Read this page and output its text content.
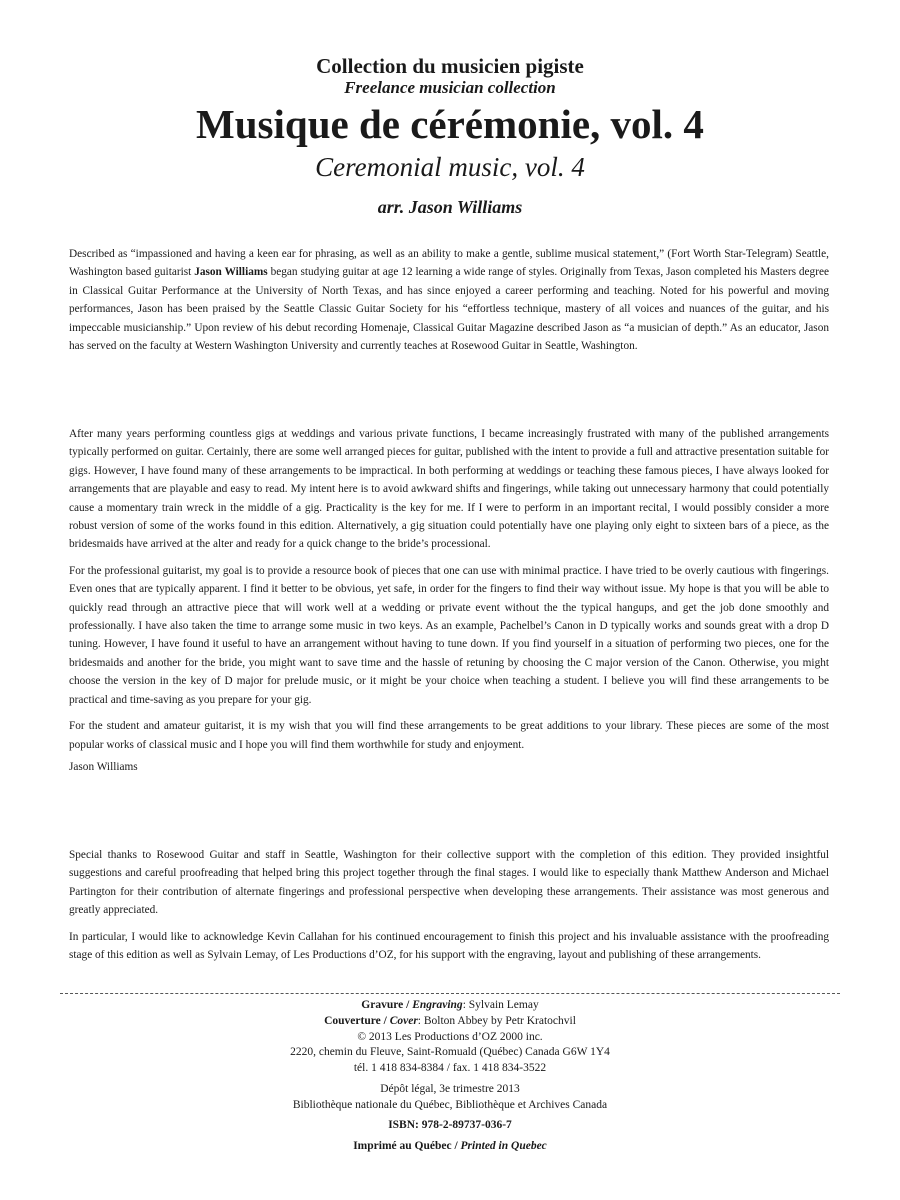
Collection du musicien pigiste
Freelance musician collection
Musique de cérémonie, vol. 4
Ceremonial music, vol. 4
arr. Jason Williams

Described as “impassioned and having a keen ear for phrasing, as well as an ability to make a gentle, sublime musical statement,” (Fort Worth Star-Telegram) Seattle, Washington based guitarist Jason Williams began studying guitar at age 12 learning a wide range of styles. Originally from Texas, Jason completed his Masters degree in Classical Guitar Performance at the University of North Texas, and has since enjoyed a career performing and teaching. Noted for his powerful and moving performances, Jason has been praised by the Seattle Classic Guitar Society for his “effortless technique, mastery of all voices and nuances of the guitar, and his impeccable musicianship.” Upon review of his debut recording Homenaje, Classical Guitar Magazine described Jason as “a musician of depth.” As an educator, Jason has served on the faculty at Western Washington University and currently teaches at Rosewood Guitar in Seattle, Washington.

After many years performing countless gigs at weddings and various private functions, I became increasingly frustrated with many of the published arrangements typically performed on guitar. Certainly, there are some well arranged pieces for guitar, published with the intent to provide a full and attractive presentation suitable for gigs. However, I have found many of these arrangements to be impractical. In both performing at weddings or teaching these famous pieces, I have always looked for arrangements that are playable and easy to read. My intent here is to avoid awkward shifts and fingerings, while taking out unnecessary harmony that could potentially cause a momentary train wreck in the middle of a gig. Practicality is the key for me. If I were to perform in an important recital, I would possibly consider a more robust version of some of the works found in this edition. Alternatively, a gig situation could potentially have one playing only eight to sixteen bars of a piece, as the bridesmaids have arrived at the alter and ready for a quick change to the bride’s processional.

For the professional guitarist, my goal is to provide a resource book of pieces that one can use with minimal practice. I have tried to be overly cautious with fingerings. Even ones that are typically apparent. I find it better to be obvious, yet safe, in order for the fingers to find their way without issue. My hope is that you will be able to quickly read through an attractive piece that will work well at a wedding or private event without the the typical hangups, and get the job done smoothly and professionally. I have also taken the time to arrange some music in two keys. As an example, Pachelbel’s Canon in D typically works and sounds great with a drop D tuning. However, I have found it useful to have an arrangement without having to tune down. If you find yourself in a situation of performing two pieces, one for the bridesmaids and another for the bride, you might want to save time and the hassle of retuning by choosing the C major version of the Canon. Otherwise, you might choose the version in the key of D major for prelude music, or it might be your choice when teaching a student. I believe you will find these arrangements to be practical and time-saving as you prepare for your gig.

For the student and amateur guitarist, it is my wish that you will find these arrangements to be great additions to your library. These pieces are some of the most popular works of classical music and I hope you will find them worthwhile for study and enjoyment.

Jason Williams

Special thanks to Rosewood Guitar and staff in Seattle, Washington for their collective support with the completion of this edition. They provided insightful suggestions and careful proofreading that helped bring this project together through the final stages. I would like to especially thank Matthew Anderson and Michael Partington for their contribution of alternate fingerings and professional perspective when developing these arrangements. Their assistance was most generous and greatly appreciated.

In particular, I would like to acknowledge Kevin Callahan for his continued encouragement to finish this project and his invaluable assistance with the proofreading stage of this edition as well as Sylvain Lemay, of Les Productions d’OZ, for his support with the engraving, layout and publishing of these arrangements.

Gravure / Engraving: Sylvain Lemay
Couverture / Cover: Bolton Abbey by Petr Kratochvil
© 2013 Les Productions d’OZ 2000 inc.
2220, chemin du Fleuve, Saint-Romuald (Québec) Canada G6W 1Y4
tél. 1 418 834-8384 / fax. 1 418 834-3522
Dépôt légal, 3e trimestre 2013
Bibliothèque nationale du Québec, Bibliothèque et Archives Canada
ISBN: 978-2-89737-036-7
Imprimé au Québec / Printed in Quebec
